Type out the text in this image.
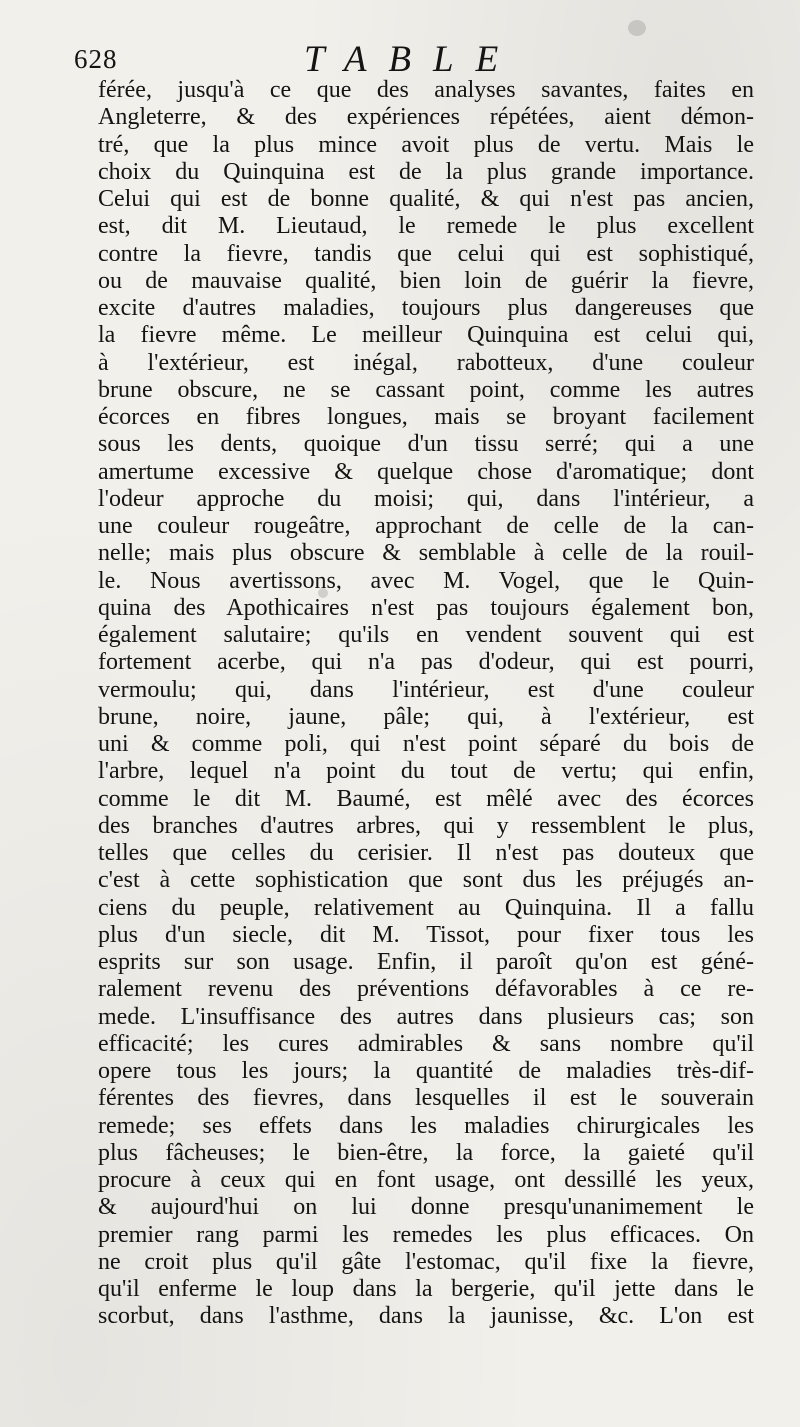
628	TABLE
férée, jusqu'à ce que des analyses savantes, faites en
Angleterre, & des expériences répétées, aient démon-
tré, que la plus mince avoit plus de vertu. Mais le
choix du Quinquina est de la plus grande importance.
Celui qui est de bonne qualité, & qui n'est pas ancien,
est, dit M. Lieutaud, le remede le plus excellent
contre la fievre, tandis que celui qui est sophistiqué,
ou de mauvaise qualité, bien loin de guérir la fievre,
excite d'autres maladies, toujours plus dangereuses que
la fievre même. Le meilleur Quinquina est celui qui,
à l'extérieur, est inégal, rabotteux, d'une couleur
brune obscure, ne se cassant point, comme les autres
écorces en fibres longues, mais se broyant facilement
sous les dents, quoique d'un tissu serré; qui a une
amertume excessive & quelque chose d'aromatique; dont
l'odeur approche du moisi; qui, dans l'intérieur, a
une couleur rougeâtre, approchant de celle de la can-
nelle; mais plus obscure & semblable à celle de la rouil-
le. Nous avertissons, avec M. Vogel, que le Quin-
quina des Apothicaires n'est pas toujours également bon,
également salutaire; qu'ils en vendent souvent qui est
fortement acerbe, qui n'a pas d'odeur, qui est pourri,
vermoulu; qui, dans l'intérieur, est d'une couleur
brune, noire, jaune, pâle; qui, à l'extérieur, est
uni & comme poli, qui n'est point séparé du bois de
l'arbre, lequel n'a point du tout de vertu; qui enfin,
comme le dit M. Baumé, est mêlé avec des écorces
des branches d'autres arbres, qui y ressemblent le plus,
telles que celles du cerisier. Il n'est pas douteux que
c'est à cette sophistication que sont dus les préjugés an-
ciens du peuple, relativement au Quinquina. Il a fallu
plus d'un siecle, dit M. Tissot, pour fixer tous les
esprits sur son usage. Enfin, il paroît qu'on est géné-
ralement revenu des préventions défavorables à ce re-
mede. L'insuffisance des autres dans plusieurs cas; son
efficacité; les cures admirables & sans nombre qu'il
opere tous les jours; la quantité de maladies très-dif-
férentes des fievres, dans lesquelles il est le souverain
remede; ses effets dans les maladies chirurgicales les
plus fâcheuses; le bien-être, la force, la gaieté qu'il
procure à ceux qui en font usage, ont dessillé les yeux,
& aujourd'hui on lui donne presqu'unanimement le
premier rang parmi les remedes les plus efficaces. On
ne croit plus qu'il gâte l'estomac, qu'il fixe la fievre,
qu'il enferme le loup dans la bergerie, qu'il jette dans le
scorbut, dans l'asthme, dans la jaunisse, &c. L'on est
